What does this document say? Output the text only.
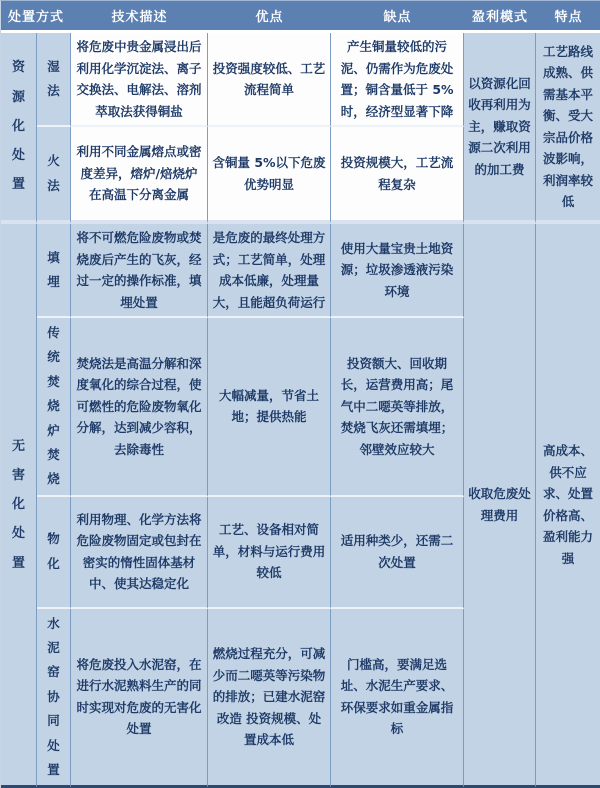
处置方式		技术描述	优点	缺点	盈利模式	特点
资源化处置	湿法	将危废中贵金属浸出后利用化学沉淀法、离子交换法、电解法、溶剂萃取法获得铜盐	投资强度较低、工艺流程简单	产生铜量较低的污泥、仍需作为危废处置；铜含量低于 5% 时，经济型显著下降	以资源化回收再利用为主，赚取资源二次利用的加工费	工艺路线成熟、供需基本平衡、受大宗品价格波影响，利润率较低
	火法	利用不同金属熔点或密度差异，熔炉/焙烧炉在高温下分离金属	含铜量 5%以下危废优势明显	投资规模大，工艺流程复杂		
无害化处置	填埋	将不可燃危险废物或焚烧废后产生的飞灰，经过一定的操作标准，填埋处置	是危废的最终处理方式；工艺简单，处理成本低廉，处理量大，且能超负荷运行	使用大量宝贵土地资源；垃圾渗透液污染环境	收取危废处理费用	高成本、供不应求、处置价格高、盈利能力强
	传统焚烧炉焚烧	焚烧法是高温分解和深度氧化的综合过程，使可燃性的危险废物氧化分解，达到减少容积，去除毒性	大幅减量，节省土地；提供热能	投资额大、回收期长，运营费用高；尾气中二噁英等排放，焚烧飞灰还需填埋；邻壁效应较大		
	物化	利用物理、化学方法将危险废物固定或包封在密实的惰性固体基材中、使其达稳定化	工艺、设备相对简单，材料与运行费用较低	适用种类少，还需二次处置		
	水泥窑协同处置	将危废投入水泥窑，在进行水泥熟料生产的同时实现对危废的无害化处置	燃烧过程充分，可减少而二噁英等污染物的排放；已建水泥窑改造 投资规模、处置成本低	门槛高，要满足选址、水泥生产要求、环保要求如重金属指标		
